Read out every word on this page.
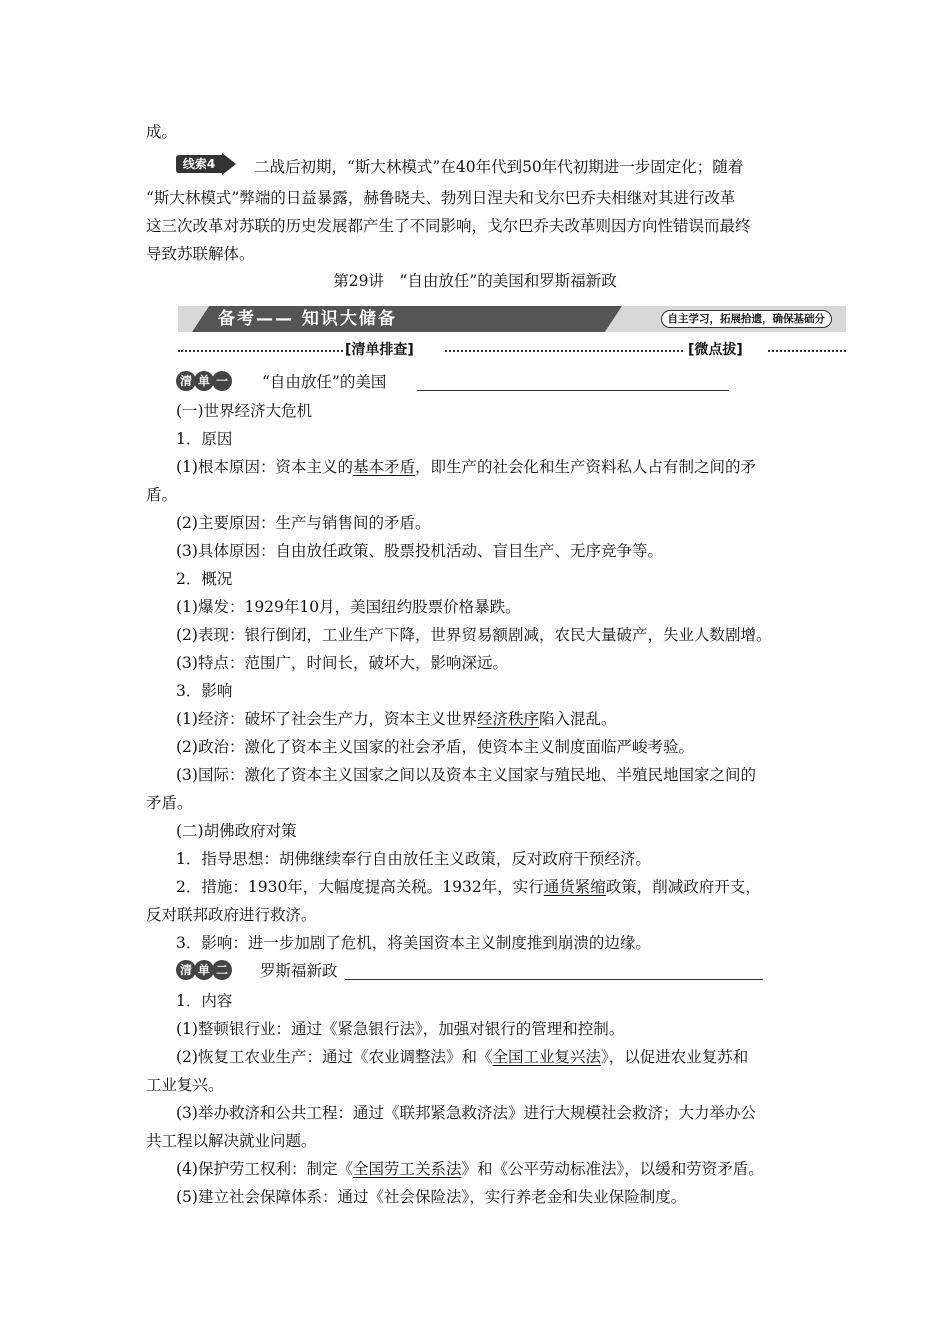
成。

线索4	二战后初期，“斯大林模式”在40年代到50年代初期进一步固定化；随着

“斯大林模式”弊端的日益暴露，赫鲁晓夫、勃列日涅夫和戈尔巴乔夫相继对其进行改革

这三次改革对苏联的历史发展都产生了不同影响，戈尔巴乔夫改革则因方向性错误而最终

导致苏联解体。

第29讲　“自由放任”的美国和罗斯福新政
备考—— 知识大储备	自主学习，拓展拾遗，确保基础分
[清单排查]	[微点拔]
清 单 一	“自由放任”的美国

(一)世界经济大危机

1．原因

(1)根本原因：资本主义的基本矛盾，即生产的社会化和生产资料私人占有制之间的矛

盾。

(2)主要原因：生产与销售间的矛盾。

(3)具体原因：自由放任政策、股票投机活动、盲目生产、无序竞争等。

2．概况

(1)爆发：1929年10月，美国纽约股票价格暴跌。

(2)表现：银行倒闭，工业生产下降，世界贸易额剧减，农民大量破产，失业人数剧增。

(3)特点：范围广，时间长，破坏大，影响深远。

3．影响

(1)经济：破坏了社会生产力，资本主义世界经济秩序陷入混乱。

(2)政治：激化了资本主义国家的社会矛盾，使资本主义制度面临严峻考验。

(3)国际：激化了资本主义国家之间以及资本主义国家与殖民地、半殖民地国家之间的

矛盾。

(二)胡佛政府对策

1．指导思想：胡佛继续奉行自由放任主义政策，反对政府干预经济。

2．措施：1930年，大幅度提高关税。1932年，实行通货紧缩政策，削减政府开支，

反对联邦政府进行救济。

3．影响：进一步加剧了危机，将美国资本主义制度推到崩溃的边缘。

清 单 二	罗斯福新政

1．内容

(1)整顿银行业：通过《紧急银行法》，加强对银行的管理和控制。

(2)恢复工农业生产：通过《农业调整法》和《全国工业复兴法》，以促进农业复苏和

工业复兴。

(3)举办救济和公共工程：通过《联邦紧急救济法》进行大规模社会救济；大力举办公

共工程以解决就业问题。

(4)保护劳工权利：制定《全国劳工关系法》和《公平劳动标准法》，以缓和劳资矛盾。

(5)建立社会保障体系：通过《社会保险法》，实行养老金和失业保险制度。
